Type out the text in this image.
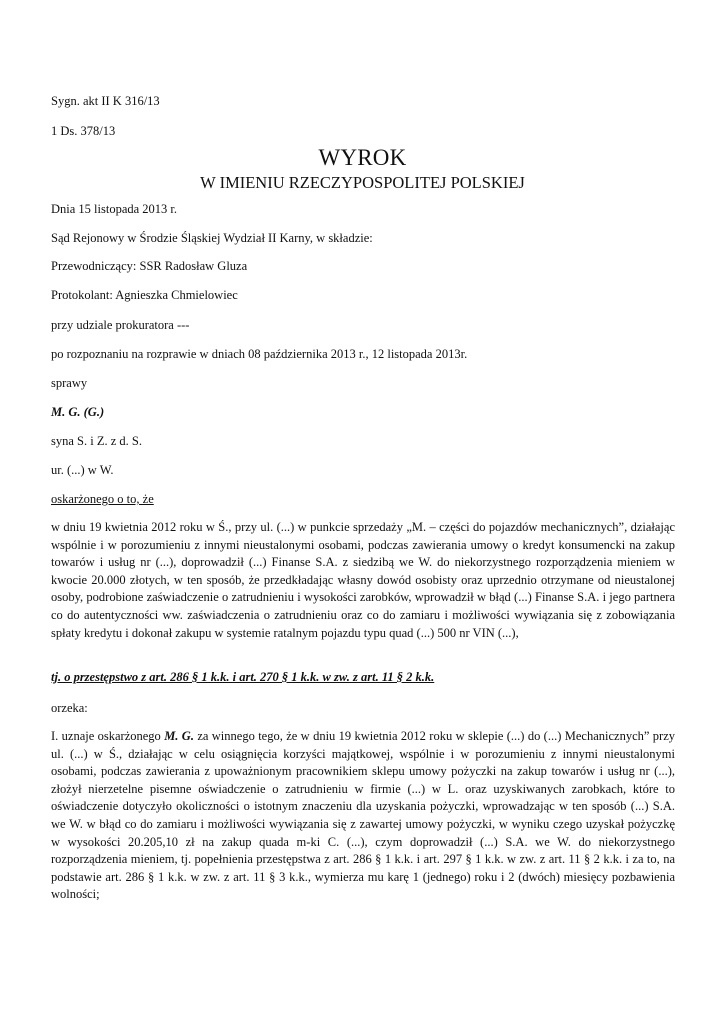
Sygn. akt II K 316/13
1 Ds. 378/13
WYROK
W IMIENIU RZECZYPOSPOLITEJ POLSKIEJ
Dnia 15 listopada 2013 r.
Sąd Rejonowy w Środzie Śląskiej Wydział II Karny, w składzie:
Przewodniczący: SSR Radosław Gluza
Protokolant: Agnieszka Chmielowiec
przy udziale prokuratora ---
po rozpoznaniu na rozprawie w dniach 08 października 2013 r., 12 listopada 2013r.
sprawy
M. G. (G.)
syna S. i Z. z d. S.
ur. (...) w W.
oskarżonego o to, że
w dniu 19 kwietnia 2012 roku w Ś., przy ul. (...) w punkcie sprzedaży „M. – części do pojazdów mechanicznych”, działając wspólnie i w porozumieniu z innymi nieustalonymi osobami, podczas zawierania umowy o kredyt konsumencki na zakup towarów i usług nr (...), doprowadził (...) Finanse S.A. z siedzibą we W. do niekorzystnego rozporządzenia mieniem w kwocie 20.000 złotych, w ten sposób, że przedkładając własny dowód osobisty oraz uprzednio otrzymane od nieustalonej osoby, podrobione zaświadczenie o zatrudnieniu i wysokości zarobków, wprowadził w błąd (...) Finanse S.A. i jego partnera co do autentyczności ww. zaświadczenia o zatrudnieniu oraz co do zamiaru i możliwości wywiązania się z zobowiązania spłaty kredytu i dokonał zakupu w systemie ratalnym pojazdu typu quad (...) 500 nr VIN (...),
tj. o przestępstwo z art. 286 § 1 k.k. i art. 270 § 1 k.k. w zw. z art. 11 § 2 k.k.
orzeka:
I. uznaje oskarżonego M. G. za winnego tego, że w dniu 19 kwietnia 2012 roku w sklepie (...) do (...) Mechanicznych” przy ul. (...) w Ś., działając w celu osiągnięcia korzyści majątkowej, wspólnie i w porozumieniu z innymi nieustalonymi osobami, podczas zawierania z upoważnionym pracownikiem sklepu umowy pożyczki na zakup towarów i usług nr (...), złożył nierzetelne pisemne oświadczenie o zatrudnieniu w firmie (...) w L. oraz uzyskiwanych zarobkach, które to oświadczenie dotyczyło okoliczności o istotnym znaczeniu dla uzyskania pożyczki, wprowadzając w ten sposób (...) S.A. we W. w błąd co do zamiaru i możliwości wywiązania się z zawartej umowy pożyczki, w wyniku czego uzyskał pożyczkę w wysokości 20.205,10 zł na zakup quada m-ki C. (...), czym doprowadził (...) S.A. we W. do niekorzystnego rozporządzenia mieniem, tj. popełnienia przestępstwa z art. 286 § 1 k.k. i art. 297 § 1 k.k. w zw. z art. 11 § 2 k.k. i za to, na podstawie art. 286 § 1 k.k. w zw. z art. 11 § 3 k.k., wymierza mu karę 1 (jednego) roku i 2 (dwóch) miesięcy pozbawienia wolności;
